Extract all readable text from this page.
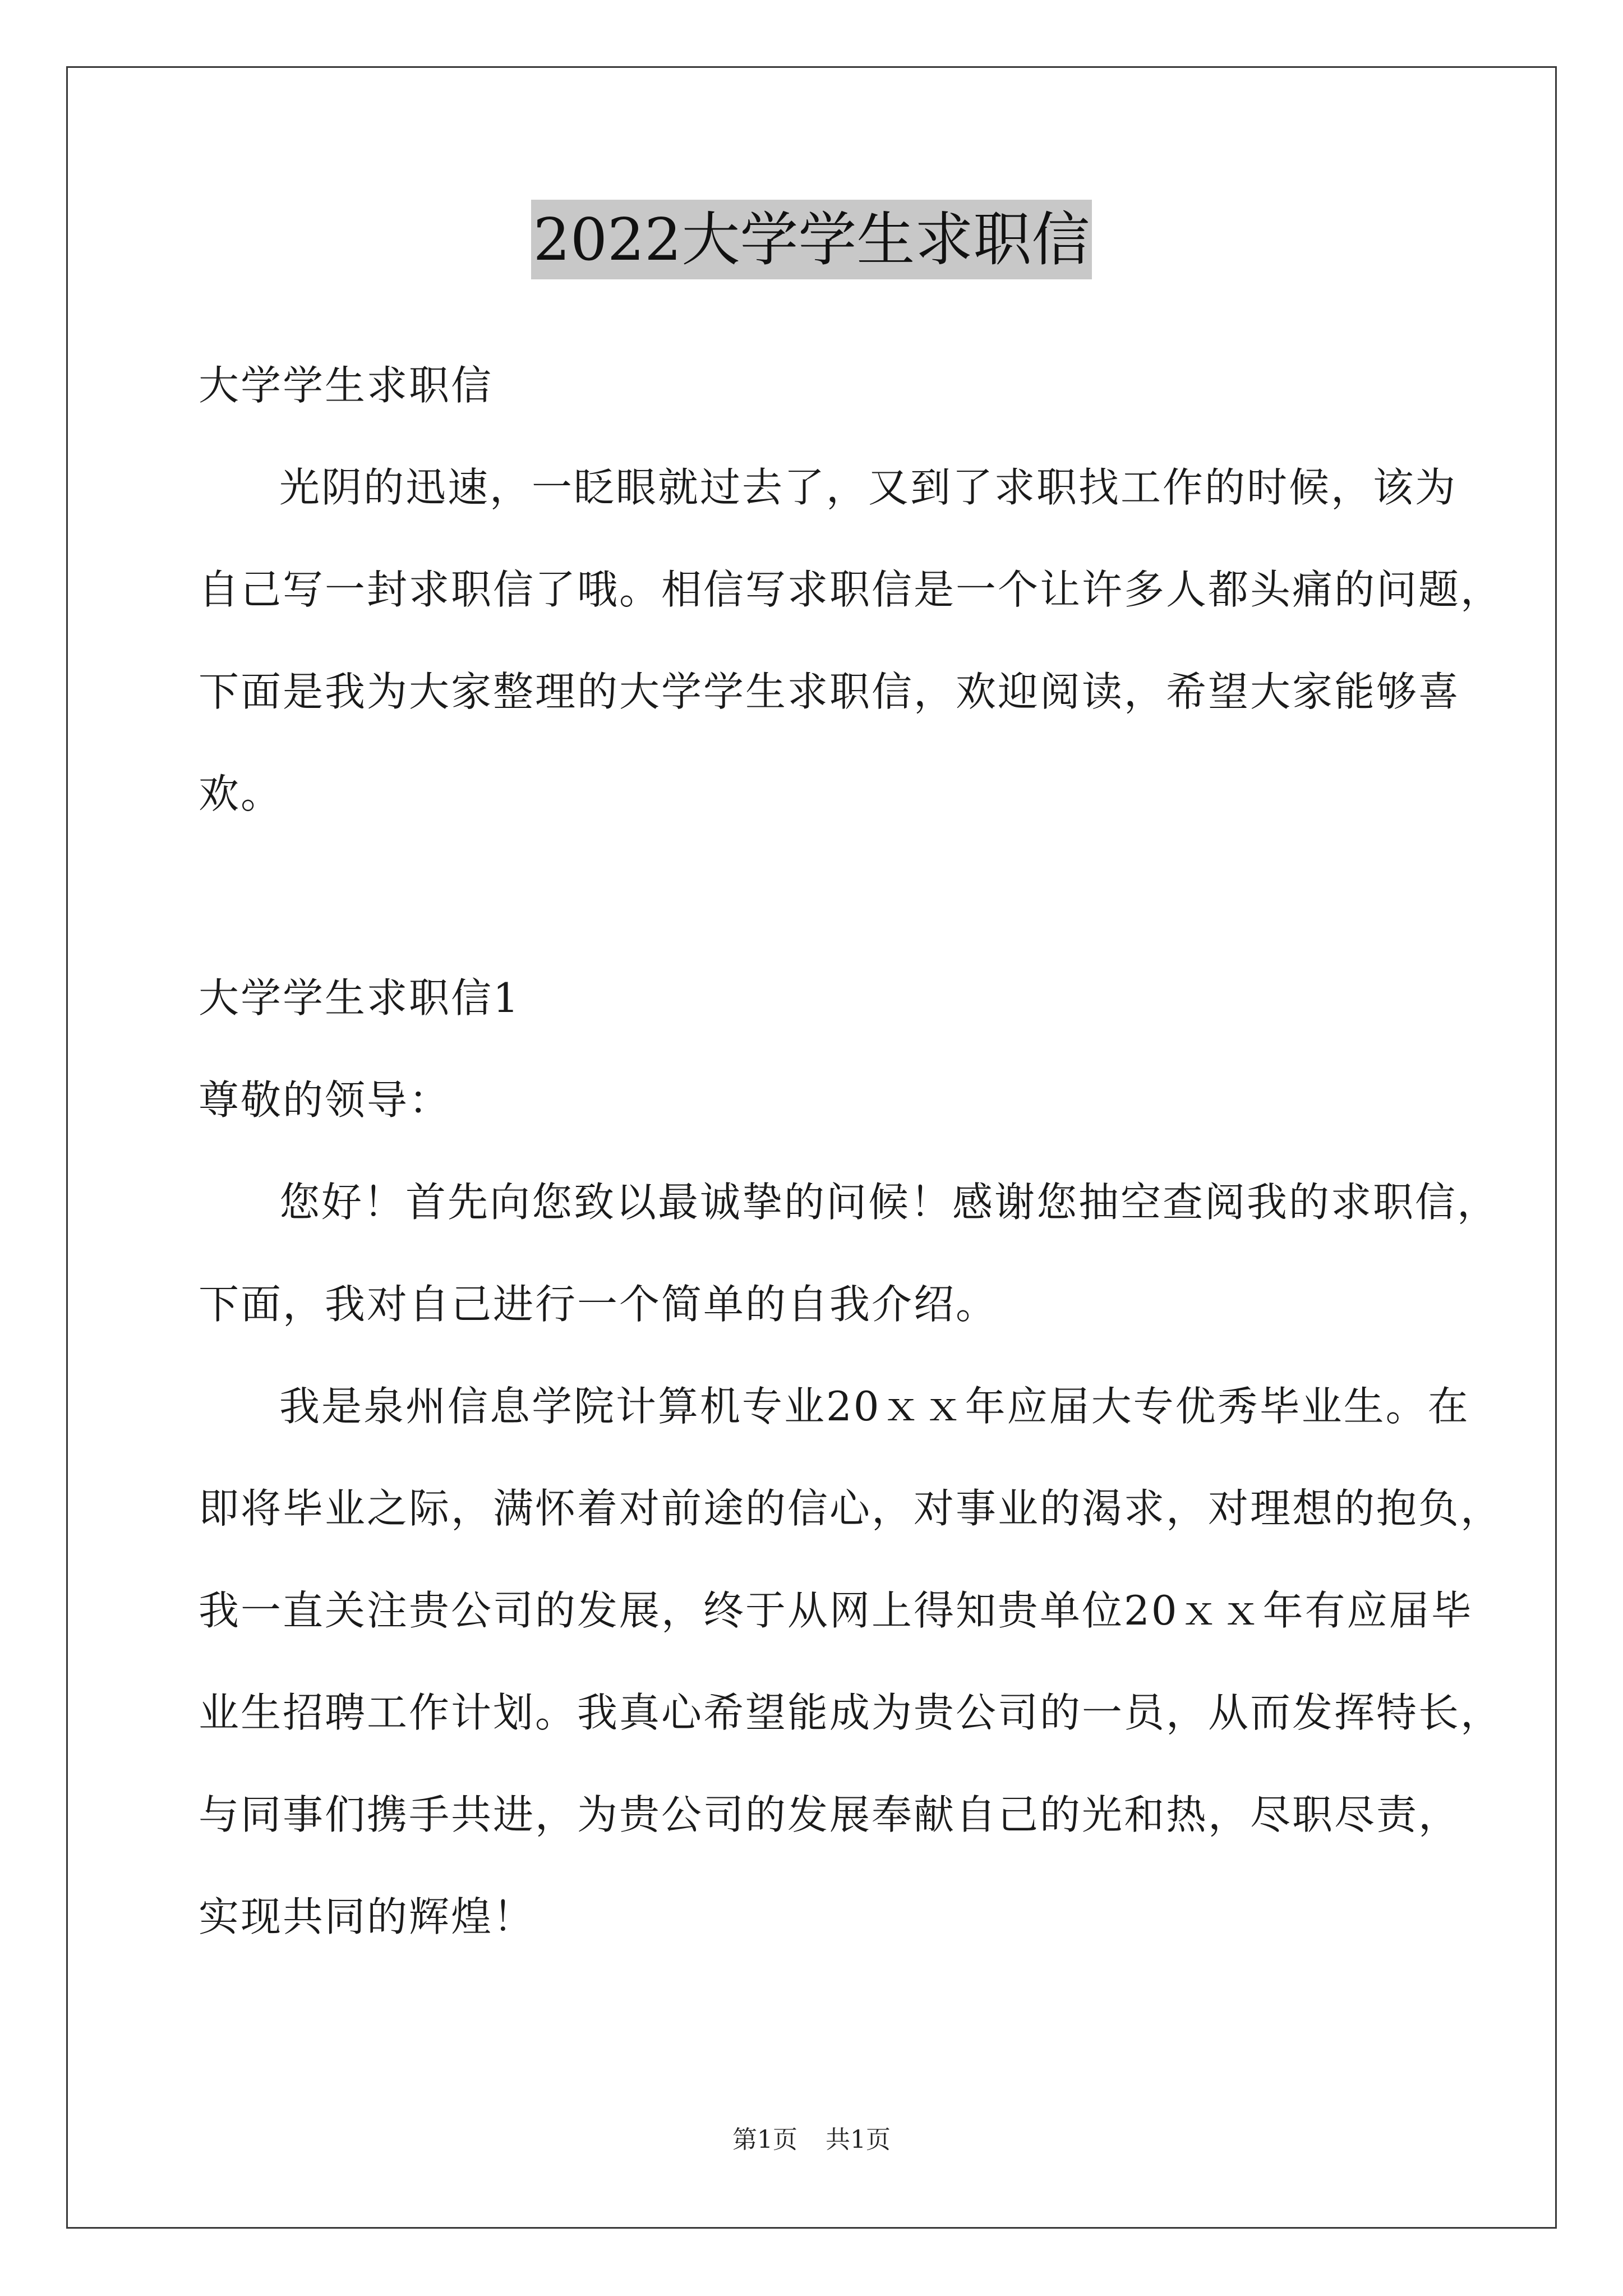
2022大学学生求职信
大学学生求职信
光阴的迅速，一眨眼就过去了，又到了求职找工作的时候，该为
自己写一封求职信了哦。相信写求职信是一个让许多人都头痛的问题，
下面是我为大家整理的大学学生求职信，欢迎阅读，希望大家能够喜
欢。
大学学生求职信1
尊敬的领导：
您好！首先向您致以最诚挚的问候！感谢您抽空查阅我的求职信，
下面，我对自己进行一个简单的自我介绍。
我是泉州信息学院计算机专业20ｘｘ年应届大专优秀毕业生。在
即将毕业之际，满怀着对前途的信心，对事业的渴求，对理想的抱负，
我一直关注贵公司的发展，终于从网上得知贵单位20ｘｘ年有应届毕
业生招聘工作计划。我真心希望能成为贵公司的一员，从而发挥特长，
与同事们携手共进，为贵公司的发展奉献自己的光和热，尽职尽责，
实现共同的辉煌！
第1页 共1页
